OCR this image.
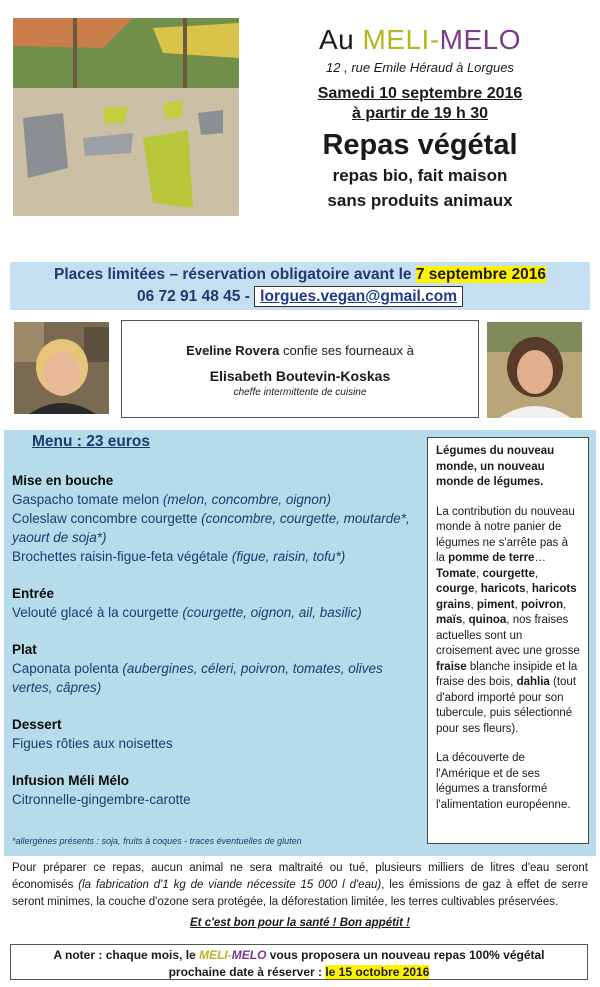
Au MELI-MELO
12 , rue Emile Héraud à Lorgues
Samedi 10 septembre 2016
à partir de 19 h 30
Repas végétal
repas bio, fait maison
sans produits animaux
Places limitées – réservation obligatoire avant le 7 septembre 2016
06 72 91 48 45 - lorgues.vegan@gmail.com
Eveline Rovera confie ses fourneaux à
Elisabeth Boutevin-Koskas
cheffe intermittente de cuisine
Menu : 23 euros
Mise en bouche
Gaspacho tomate melon (melon, concombre, oignon)
Coleslaw concombre courgette (concombre, courgette, moutarde*, yaourt de soja*)
Brochettes raisin-figue-feta végétale (figue, raisin, tofu*)
Entrée
Velouté glacé à la courgette (courgette, oignon, ail, basilic)
Plat
Caponata polenta (aubergines, céleri, poivron, tomates, olives vertes, câpres)
Dessert
Figues rôties aux noisettes
Infusion Méli Mélo
Citronnelle-gingembre-carotte
*allergènes présents : soja, fruits à coques - traces éventuelles de gluten

Légumes du nouveau monde, un nouveau monde de légumes.

La contribution du nouveau monde à notre panier de légumes ne s'arrête pas à la pomme de terre… Tomate, courgette, courge, haricots, haricots grains, piment, poivron, maïs, quinoa, nos fraises actuelles sont un croisement avec une grosse fraise blanche insipide et la fraise des bois, dahlia (tout d'abord importé pour son tubercule, puis sélectionné pour ses fleurs).

La découverte de l'Amérique et de ses légumes a transformé l'alimentation européenne.

Pour préparer ce repas, aucun animal ne sera maltraité ou tué, plusieurs milliers de litres d'eau seront économisés (la fabrication d'1 kg de viande nécessite 15 000 l d'eau), les émissions de gaz à effet de serre seront minimes, la couche d'ozone sera protégée, la déforestation limitée, les terres cultivables préservées.
Et c'est bon pour la santé ! Bon appétit !
A noter : chaque mois, le MELI-MELO vous proposera un nouveau repas 100% végétal
prochaine date à réserver : le 15 octobre 2016
